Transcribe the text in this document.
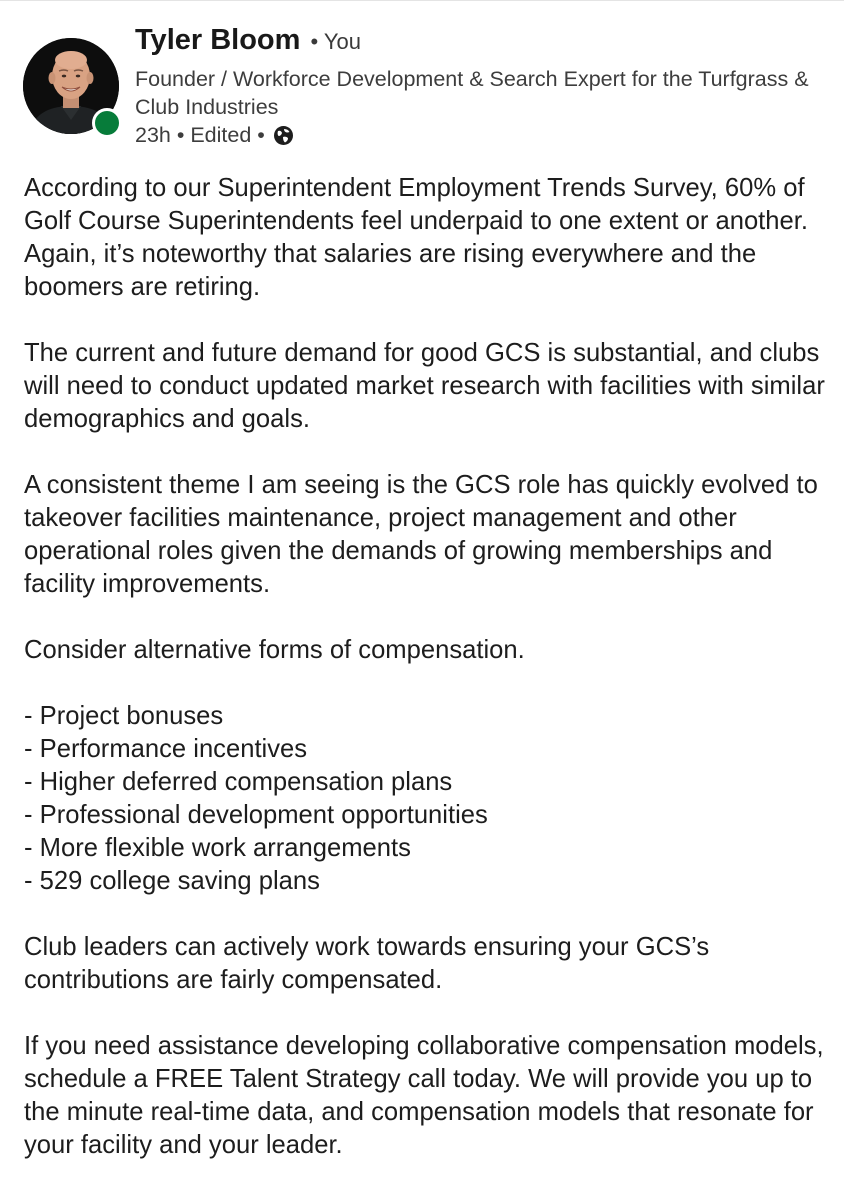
Tyler Bloom • You
Founder / Workforce Development & Search Expert for the Turfgrass & Club Industries
23h • Edited •

According to our Superintendent Employment Trends Survey, 60% of Golf Course Superintendents feel underpaid to one extent or another. Again, it’s noteworthy that salaries are rising everywhere and the boomers are retiring.

The current and future demand for good GCS is substantial, and clubs will need to conduct updated market research with facilities with similar demographics and goals.

A consistent theme I am seeing is the GCS role has quickly evolved to takeover facilities maintenance, project management and other operational roles given the demands of growing memberships and facility improvements.

Consider alternative forms of compensation.

- Project bonuses
- Performance incentives
- Higher deferred compensation plans
- Professional development opportunities
- More flexible work arrangements
- 529 college saving plans

Club leaders can actively work towards ensuring your GCS’s contributions are fairly compensated.

If you need assistance developing collaborative compensation models, schedule a FREE Talent Strategy call today. We will provide you up to the minute real-time data, and compensation models that resonate for your facility and your leader.
